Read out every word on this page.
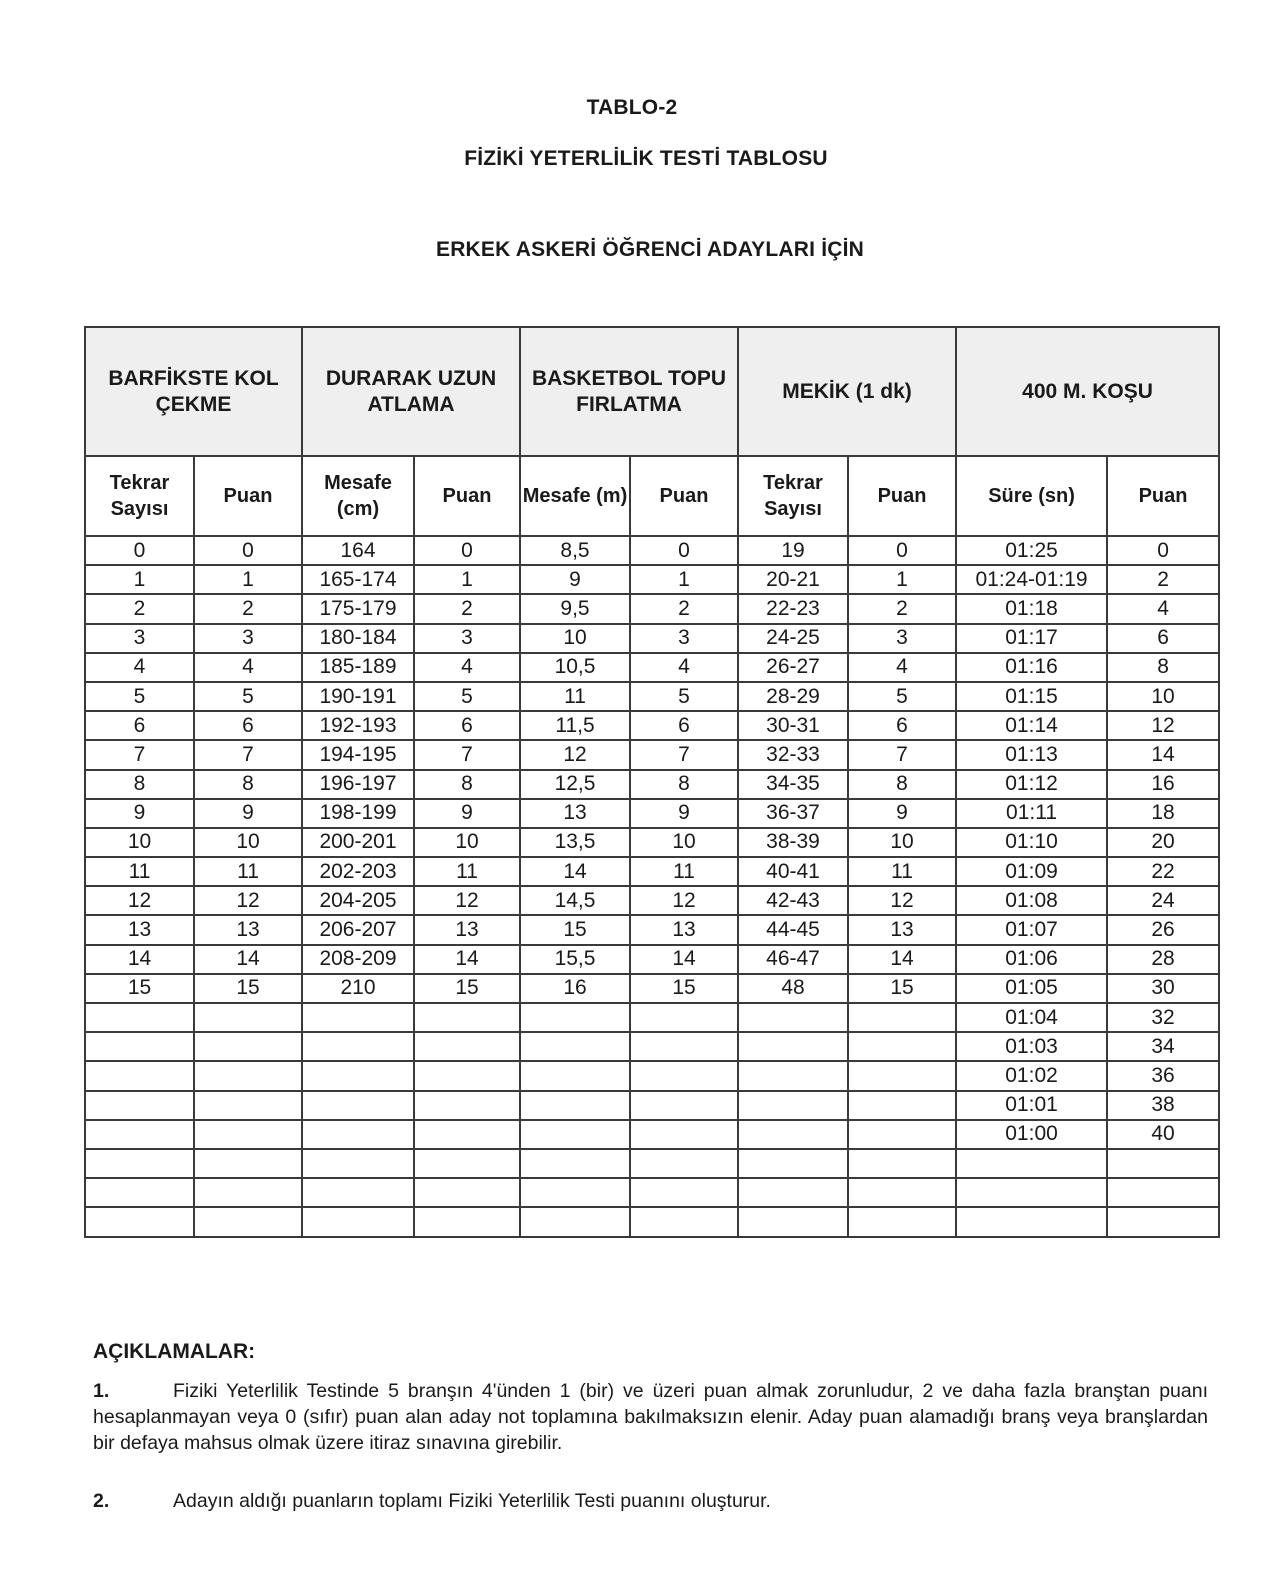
TABLO-2
FİZİKİ YETERLİLİK TESTİ TABLOSU
ERKEK ASKERİ ÖĞRENCİ ADAYLARI İÇİN
BARFİKSTE KOL ÇEKME		DURARAK UZUN ATLAMA		BASKETBOL TOPU FIRLATMA		MEKİK (1 dk)		400 M. KOŞU	
Tekrar Sayısı	Puan	Mesafe (cm)	Puan	Mesafe (m)	Puan	Tekrar Sayısı	Puan	Süre (sn)	Puan
0	0	164	0	8,5	0	19	0	01:25	0
1	1	165-174	1	9	1	20-21	1	01:24-01:19	2
2	2	175-179	2	9,5	2	22-23	2	01:18	4
3	3	180-184	3	10	3	24-25	3	01:17	6
4	4	185-189	4	10,5	4	26-27	4	01:16	8
5	5	190-191	5	11	5	28-29	5	01:15	10
6	6	192-193	6	11,5	6	30-31	6	01:14	12
7	7	194-195	7	12	7	32-33	7	01:13	14
8	8	196-197	8	12,5	8	34-35	8	01:12	16
9	9	198-199	9	13	9	36-37	9	01:11	18
10	10	200-201	10	13,5	10	38-39	10	01:10	20
11	11	202-203	11	14	11	40-41	11	01:09	22
12	12	204-205	12	14,5	12	42-43	12	01:08	24
13	13	206-207	13	15	13	44-45	13	01:07	26
14	14	208-209	14	15,5	14	46-47	14	01:06	28
15	15	210	15	16	15	48	15	01:05	30
								01:04	32
								01:03	34
								01:02	36
								01:01	38
								01:00	40

AÇIKLAMALAR:
1.	Fiziki Yeterlilik Testinde 5 branşın 4'ünden 1 (bir) ve üzeri puan almak zorunludur, 2 ve daha fazla branştan puanı hesaplanmayan veya 0 (sıfır) puan alan aday not toplamına bakılmaksızın elenir. Aday puan alamadığı branş veya branşlardan bir defaya mahsus olmak üzere itiraz sınavına girebilir.
2.	Adayın aldığı puanların toplamı Fiziki Yeterlilik Testi puanını oluşturur.
